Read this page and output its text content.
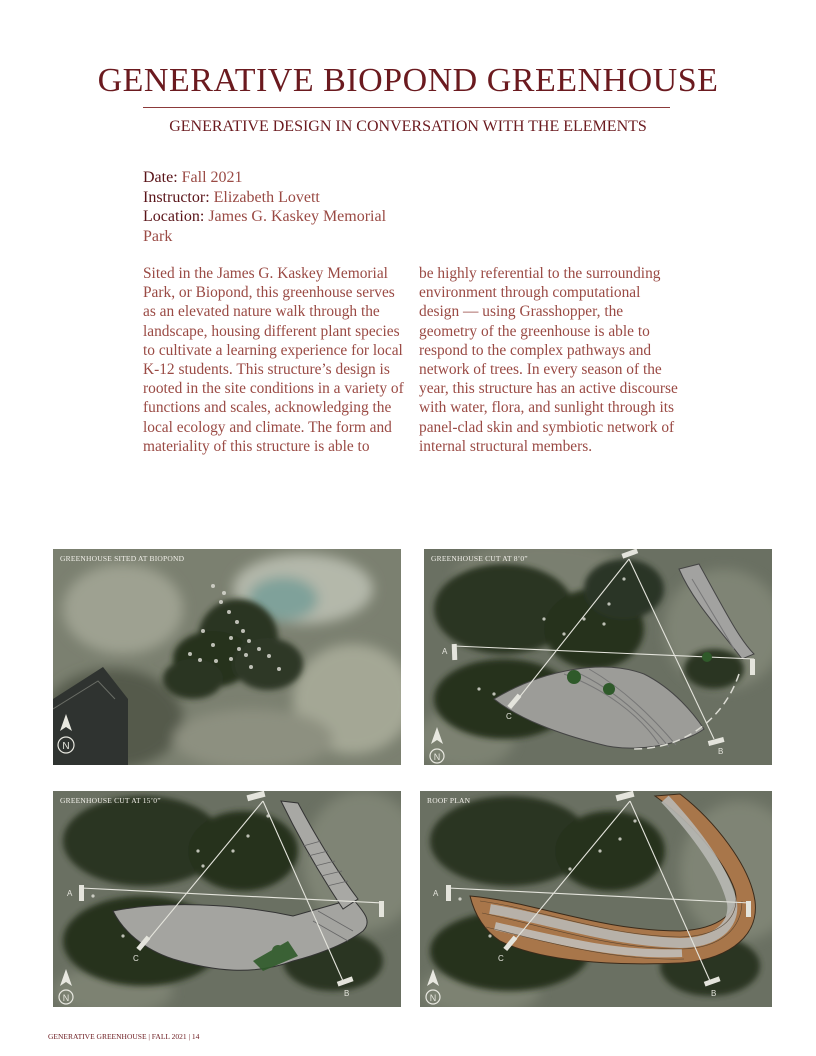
GENERATIVE BIOPOND GREENHOUSE
GENERATIVE DESIGN IN CONVERSATION WITH THE ELEMENTS
Date: Fall 2021
Instructor: Elizabeth Lovett
Location: James G. Kaskey Memorial Park
Sited in the James G. Kaskey Memorial Park, or Biopond, this greenhouse serves as an elevated nature walk through the landscape, housing different plant species to cultivate a learning experience for local K-12 students. This structure’s design is rooted in the site conditions in a variety of functions and scales, acknowledging the local ecology and climate. The form and materiality of this structure is able to
be highly referential to the surrounding environment through computational design — using Grasshopper, the geometry of the greenhouse is able to respond to the complex pathways and network of trees. In every season of the year, this structure has an active discourse with water, flora, and sunlight through its panel-clad skin and symbiotic network of internal structural members.
N
GREENHOUSE SITED AT BIOPOND
A
C
B
N
GREENHOUSE CUT AT 8’0”
A
C
B
N
GREENHOUSE CUT AT 15’0”
A
C
B
N
ROOF PLAN
GENERATIVE GREENHOUSE | FALL 2021 | 14
